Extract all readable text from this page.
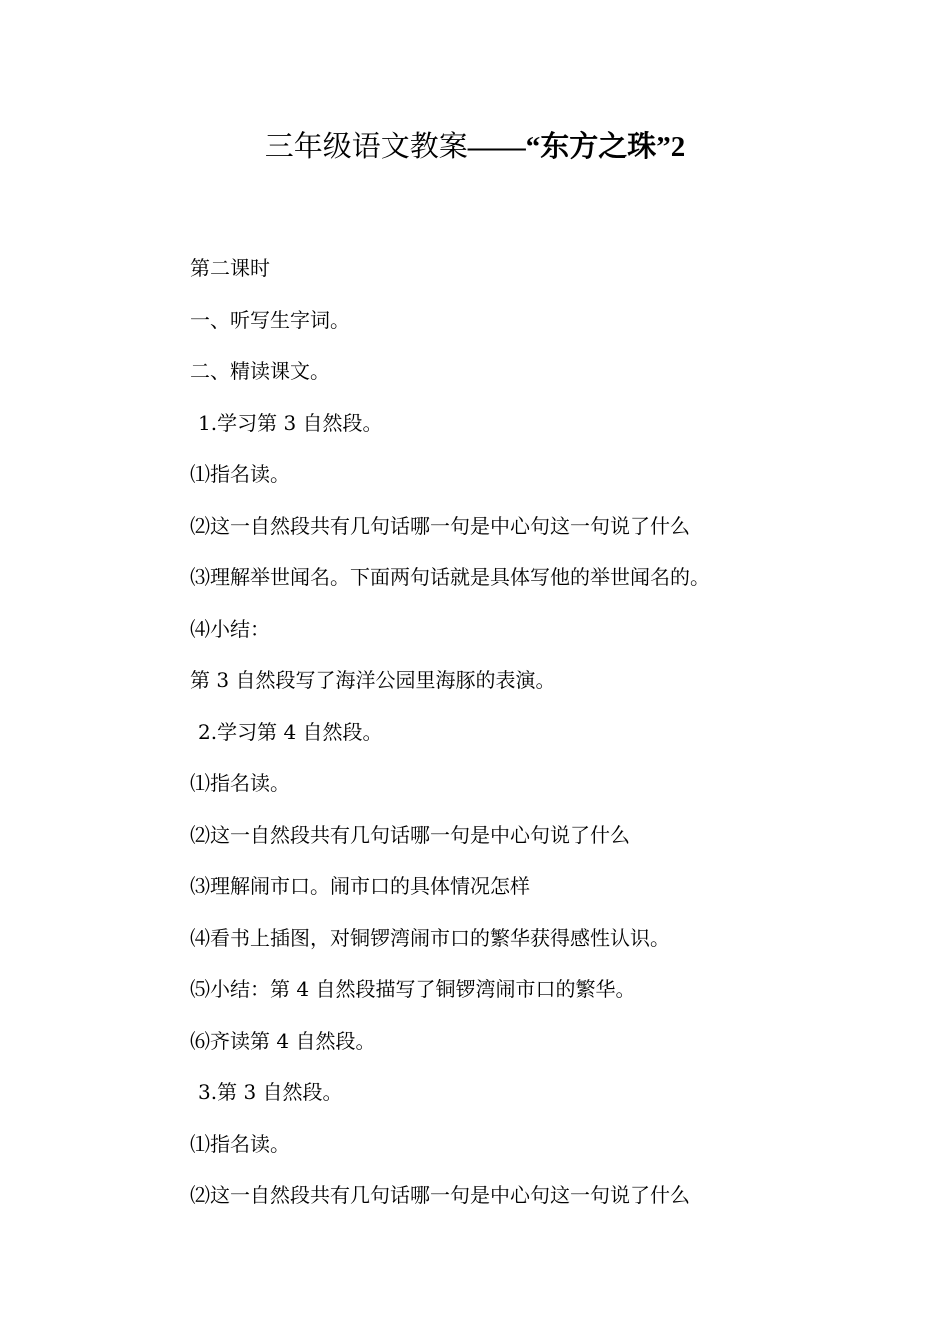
三年级语文教案——“东方之珠”2
第二课时
一、听写生字词。
二、精读课文。
1.学习第 3 自然段。
⑴指名读。
⑵这一自然段共有几句话哪一句是中心句这一句说了什么
⑶理解举世闻名。下面两句话就是具体写他的举世闻名的。
⑷小结：
第 3 自然段写了海洋公园里海豚的表演。
2.学习第 4 自然段。
⑴指名读。
⑵这一自然段共有几句话哪一句是中心句说了什么
⑶理解闹市口。闹市口的具体情况怎样
⑷看书上插图，对铜锣湾闹市口的繁华获得感性认识。
⑸小结：第 4 自然段描写了铜锣湾闹市口的繁华。
⑹齐读第 4 自然段。
3.第 3 自然段。
⑴指名读。
⑵这一自然段共有几句话哪一句是中心句这一句说了什么
